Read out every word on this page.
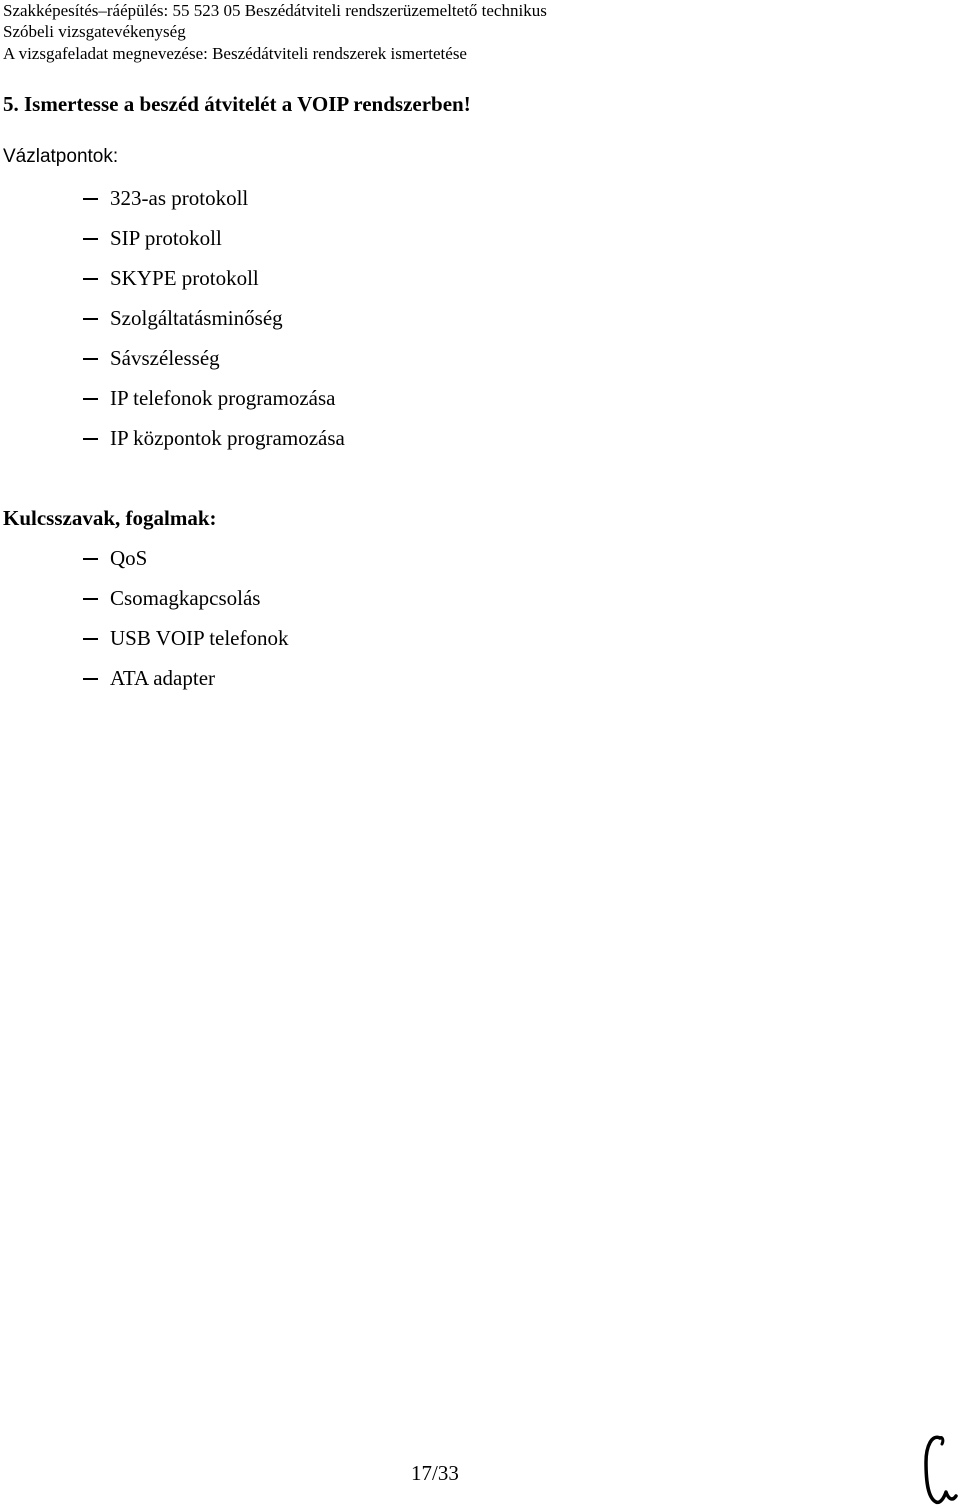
Szakképesítés–ráépülés: 55 523 05 Beszédátviteli rendszerüzemeltető technikus
Szóbeli vizsgatevékenység
A vizsgafeladat megnevezése: Beszédátviteli rendszerek ismertetése
5. Ismertesse a beszéd átvitelét a VOIP rendszerben!
Vázlatpontok:
323-as protokoll
SIP protokoll
SKYPE protokoll
Szolgáltatásminőség
Sávszélesség
IP telefonok programozása
IP központok programozása
Kulcsszavak, fogalmak:
QoS
Csomagkapcsolás
USB VOIP telefonok
ATA adapter
17/33
